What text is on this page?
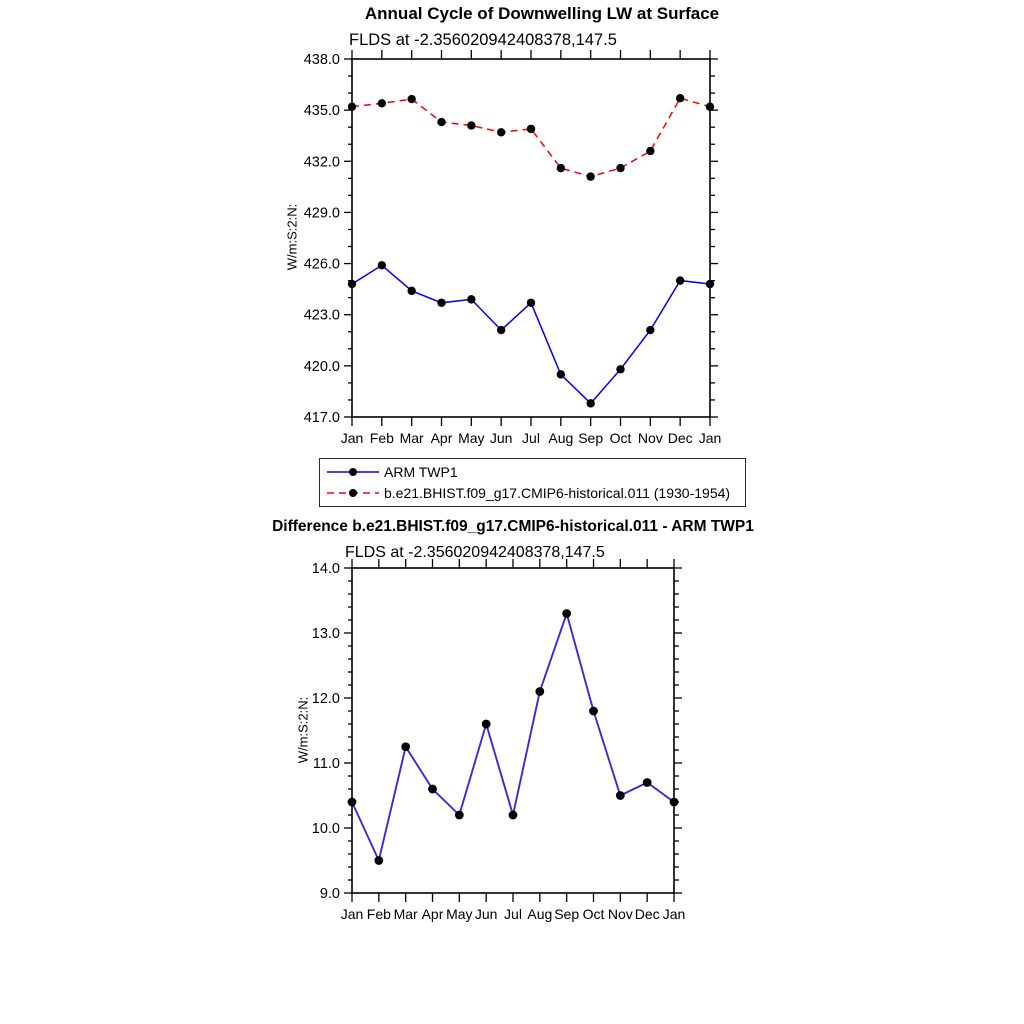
Annual Cycle of Downwelling LW at Surface
FLDS at -2.356020942408378,147.5
W/m:S:2:N:
417.0
420.0
423.0
426.0
429.0
432.0
435.0
438.0
Jan Feb Mar Apr May Jun Jul Aug Sep Oct Nov Dec Jan
ARM TWP1
b.e21.BHIST.f09_g17.CMIP6-historical.011 (1930-1954)
Difference b.e21.BHIST.f09_g17.CMIP6-historical.011 - ARM TWP1
FLDS at -2.356020942408378,147.5
W/m:S:2:N:
9.0
10.0
11.0
12.0
13.0
14.0
Jan Feb Mar Apr May Jun Jul Aug Sep Oct Nov Dec Jan
